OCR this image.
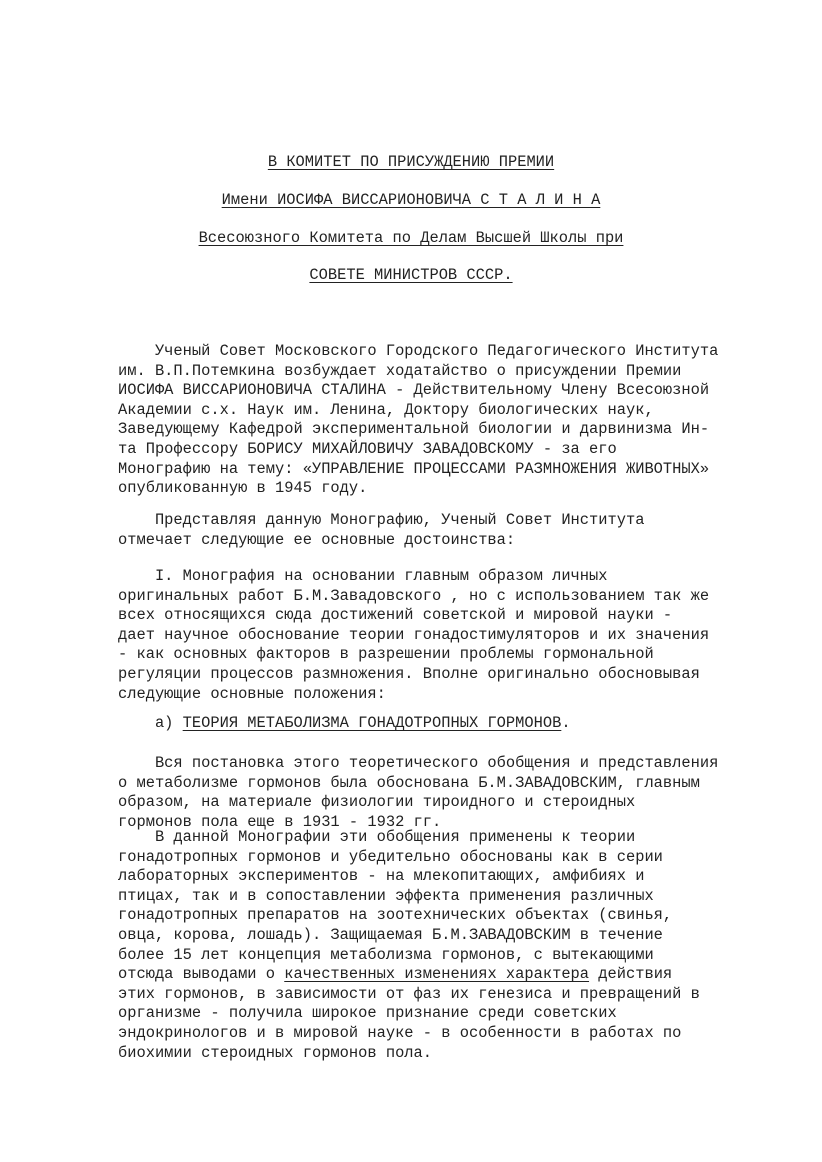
В КОМИТЕТ ПО ПРИСУЖДЕНИЮ ПРЕМИИ
Имени ИОСИФА ВИССАРИОНОВИЧА С Т А Л И Н А
Всесоюзного Комитета по Делам Высшей Школы при
СОВЕТЕ МИНИСТРОВ СССР.
Ученый Совет Московского Городского Педагогического Института
им. В.П.Потемкина возбуждает ходатайство о присуждении Премии
ИОСИФА ВИССАРИОНОВИЧА СТАЛИНА - Действительному Члену Всесоюзной
Академии с.х. Наук им. Ленина, Доктору биологических наук,
Заведующему Кафедрой экспериментальной биологии и дарвинизма Ин-
та Профессору БОРИСУ МИХАЙЛОВИЧУ ЗАВАДОВСКОМУ - за его
Монографию на тему: «УПРАВЛЕНИЕ ПРОЦЕССАМИ РАЗМНОЖЕНИЯ ЖИВОТНЫХ»
опубликованную в 1945 году.
Представляя данную Монографию, Ученый Совет Института
отмечает следующие ее основные достоинства:
I. Монография на основании главным образом личных
оригинальных работ Б.М.Завадовского , но с использованием так же
всех относящихся сюда достижений советской и мировой науки -
дает научное обоснование теории гонадостимуляторов и их значения
- как основных факторов в разрешении проблемы гормональной
регуляции процессов размножения. Вполне оригинально обосновывая
следующие основные положения:
а) ТЕОРИЯ МЕТАБОЛИЗМА ГОНАДОТРОПНЫХ ГОРМОНОВ.
Вся постановка этого теоретического обобщения и представления
о метаболизме гормонов была обоснована Б.М.ЗАВАДОВСКИМ, главным
образом, на материале физиологии тироидного и стероидных
гормонов пола еще в 1931 - 1932 гг.
В данной Монографии эти обобщения применены к теории
гонадотропных гормонов и убедительно обоснованы как в серии
лабораторных экспериментов - на млекопитающих, амфибиях и
птицах, так и в сопоставлении эффекта применения различных
гонадотропных препаратов на зоотехнических объектах (свинья,
овца, корова, лошадь). Защищаемая Б.М.ЗАВАДОВСКИМ в течение
более 15 лет концепция метаболизма гормонов, с вытекающими
отсюда выводами о качественных изменениях характера действия
этих гормонов, в зависимости от фаз их генезиса и превращений в
организме - получила широкое признание среди советских
эндокринологов и в мировой науке - в особенности в работах по
биохимии стероидных гормонов пола.
